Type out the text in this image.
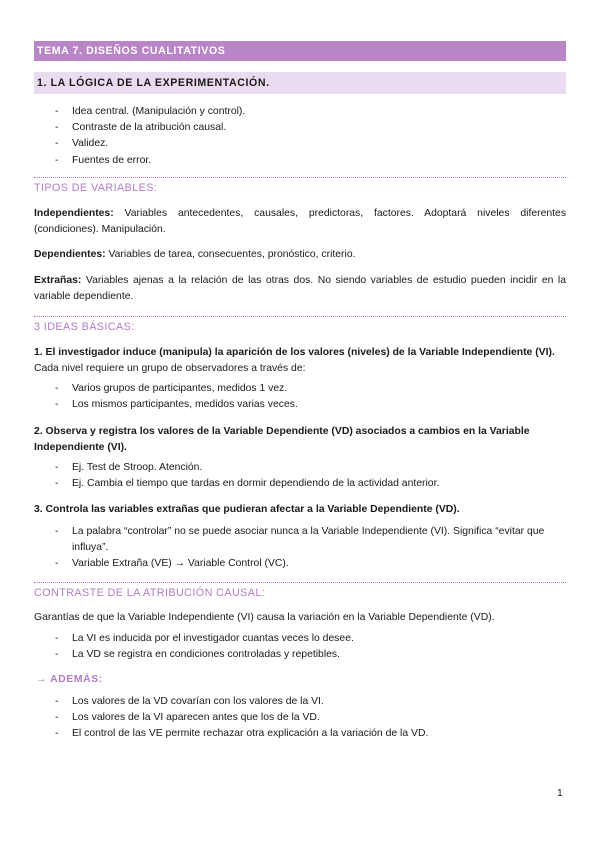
TEMA 7. DISEÑOS CUALITATIVOS
1. LA LÓGICA DE LA EXPERIMENTACIÓN.
- Idea central. (Manipulación y control).
- Contraste de la atribución causal.
- Validez.
- Fuentes de error.
TIPOS DE VARIABLES:
Independientes: Variables antecedentes, causales, predictoras, factores. Adoptará niveles diferentes (condiciones). Manipulación.
Dependientes: Variables de tarea, consecuentes, pronóstico, criterio.
Extrañas: Variables ajenas a la relación de las otras dos. No siendo variables de estudio pueden incidir en la variable dependiente.
3 IDEAS BÁSICAS:
1. El investigador induce (manipula) la aparición de los valores (niveles) de la Variable Independiente (VI). Cada nivel requiere un grupo de observadores a través de:
- Varios grupos de participantes, medidos 1 vez.
- Los mismos participantes, medidos varias veces.
2. Observa y registra los valores de la Variable Dependiente (VD) asociados a cambios en la Variable Independiente (VI).
- Ej. Test de Stroop. Atención.
- Ej. Cambia el tiempo que tardas en dormir dependiendo de la actividad anterior.
3. Controla las variables extrañas que pudieran afectar a la Variable Dependiente (VD).
- La palabra “controlar” no se puede asociar nunca a la Variable Independiente (VI). Significa “evitar que influya”.
- Variable Extraña (VE) → Variable Control (VC).
CONTRASTE DE LA ATRIBUCIÓN CAUSAL:
Garantías de que la Variable Independiente (VI) causa la variación en la Variable Dependiente (VD).
- La VI es inducida por el investigador cuantas veces lo desee.
- La VD se registra en condiciones controladas y repetibles.
→ ADEMÁS:
- Los valores de la VD covarían con los valores de la VI.
- Los valores de la VI aparecen antes que los de la VD.
- El control de las VE permite rechazar otra explicación a la variación de la VD.
1
